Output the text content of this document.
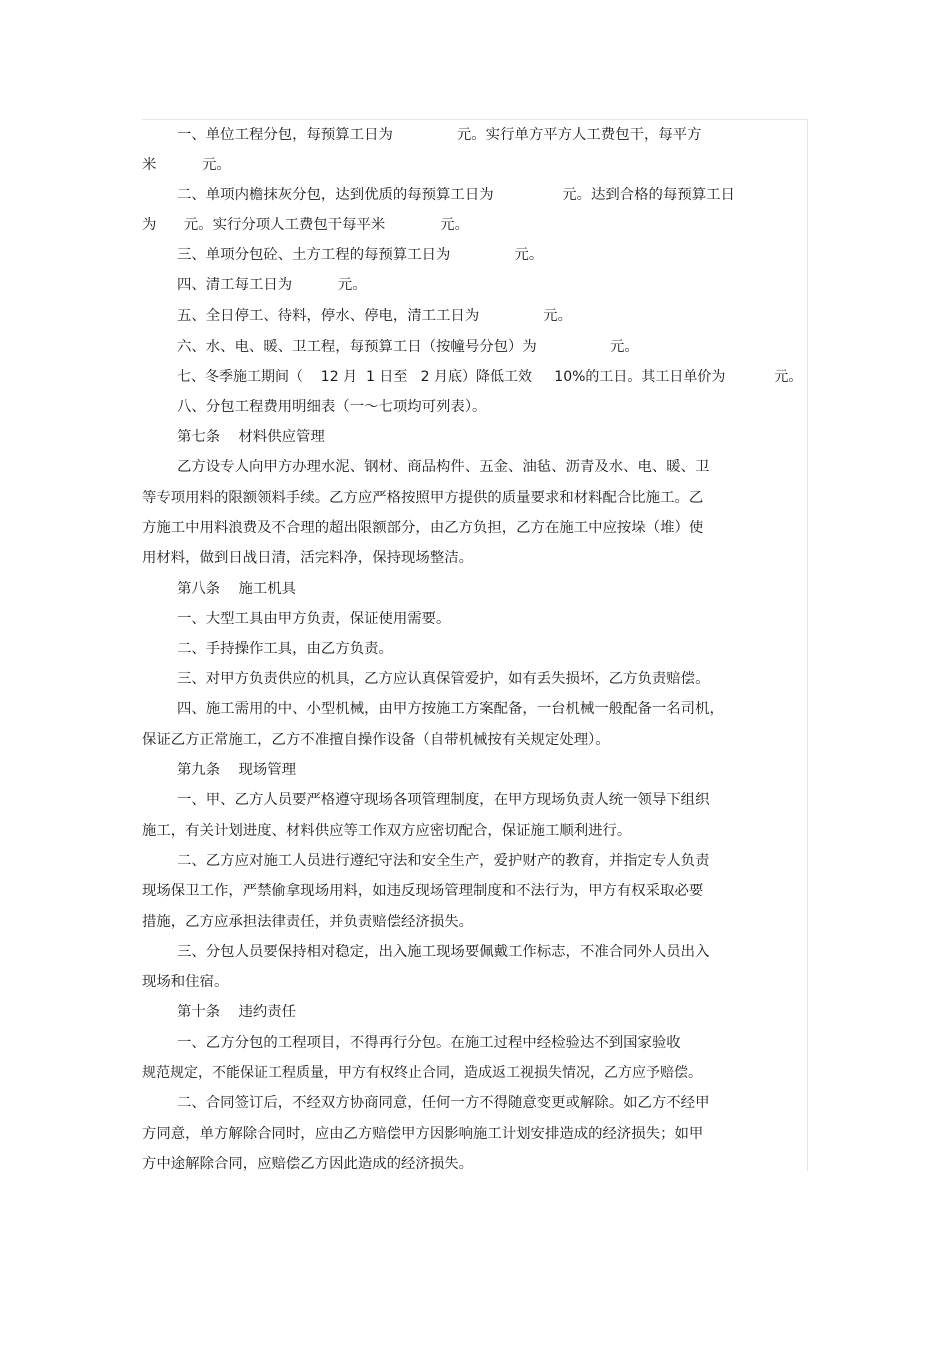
一、单位工程分包，每预算工日为              元。实行单方平方人工费包干，每平方

米          元。

二、单项内檐抹灰分包，达到优质的每预算工日为               元。达到合格的每预算工日

为      元。实行分项人工费包干每平米            元。

三、单项分包砼、土方工程的每预算工日为              元。

四、清工每工日为          元。

五、全日停工、待料，停水、停电，清工工日为              元。

六、水、电、暖、卫工程，每预算工日（按幢号分包）为                元。

七、冬季施工期间（    12 月  1 日至   2 月底）降低工效     10%的工日。其工日单价为           元。

八、分包工程费用明细表（一～七项均可列表）。

第七条    材料供应管理

乙方设专人向甲方办理水泥、钢材、商品构件、五金、油毡、沥青及水、电、暖、卫

等专项用料的限额领料手续。乙方应严格按照甲方提供的质量要求和材料配合比施工。乙

方施工中用料浪费及不合理的超出限额部分，由乙方负担，乙方在施工中应按垛（堆）使

用材料，做到日战日清，活完料净，保持现场整洁。

第八条    施工机具

一、大型工具由甲方负责，保证使用需要。

二、手持操作工具，由乙方负责。

三、对甲方负责供应的机具，乙方应认真保管爱护，如有丢失损坏，乙方负责赔偿。

四、施工需用的中、小型机械，由甲方按施工方案配备，一台机械一般配备一名司机，

保证乙方正常施工，乙方不准擅自操作设备（自带机械按有关规定处理）。

第九条    现场管理

一、甲、乙方人员要严格遵守现场各项管理制度，在甲方现场负责人统一领导下组织

施工，有关计划进度、材料供应等工作双方应密切配合，保证施工顺利进行。

二、乙方应对施工人员进行遵纪守法和安全生产，爱护财产的教育，并指定专人负责

现场保卫工作，严禁偷拿现场用料，如违反现场管理制度和不法行为，甲方有权采取必要

措施，乙方应承担法律责任，并负责赔偿经济损失。

三、分包人员要保持相对稳定，出入施工现场要佩戴工作标志，不准合同外人员出入

现场和住宿。

第十条    违约责任

一、乙方分包的工程项目，不得再行分包。在施工过程中经检验达不到国家验收

规范规定，不能保证工程质量，甲方有权终止合同，造成返工视损失情况，乙方应予赔偿。

二、合同签订后，不经双方协商同意，任何一方不得随意变更或解除。如乙方不经甲

方同意，单方解除合同时，应由乙方赔偿甲方因影响施工计划安排造成的经济损失；如甲

方中途解除合同，应赔偿乙方因此造成的经济损失。
